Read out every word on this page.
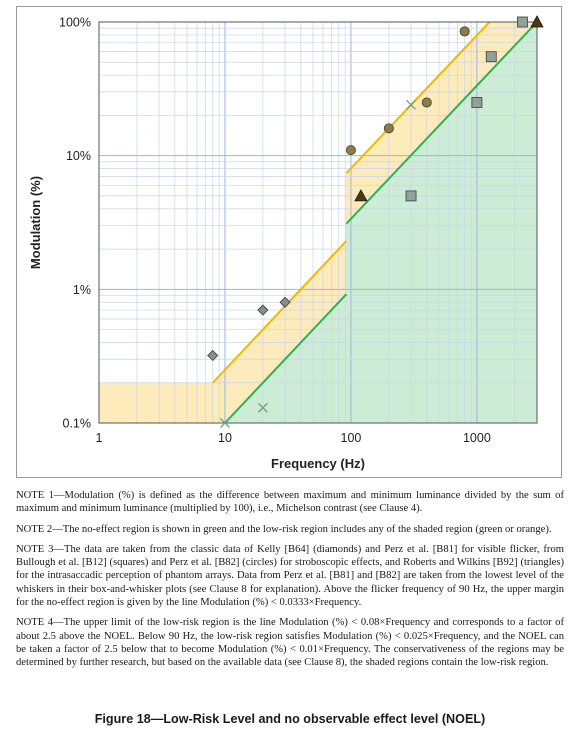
1	10	100	1000
0.1%
1%
10%
100%
Frequency (Hz)
Modulation (%)

NOTE 1—Modulation (%) is defined as the difference between maximum and minimum luminance divided by the sum of maximum and minimum luminance (multiplied by 100), i.e., Michelson contrast (see Clause 4).

NOTE 2—The no-effect region is shown in green and the low-risk region includes any of the shaded region (green or orange).

NOTE 3—The data are taken from the classic data of Kelly [B64] (diamonds) and Perz et al. [B81] for visible flicker, from Bullough et al. [B12] (squares) and Perz et al. [B82] (circles) for stroboscopic effects, and Roberts and Wilkins [B92] (triangles) for the intrasaccadic perception of phantom arrays. Data from Perz et al. [B81] and [B82] are taken from the lowest level of the whiskers in their box-and-whisker plots (see Clause 8 for explanation). Above the flicker frequency of 90 Hz, the upper margin for the no-effect region is given by the line Modulation (%) < 0.0333×Frequency.

NOTE 4—The upper limit of the low-risk region is the line Modulation (%) < 0.08×Frequency and corresponds to a factor of about 2.5 above the NOEL. Below 90 Hz, the low-risk region satisfies Modulation (%) < 0.025×Frequency, and the NOEL can be taken a factor of 2.5 below that to become Modulation (%) < 0.01×Frequency. The conservativeness of the regions may be determined by further research, but based on the available data (see Clause 8), the shaded regions contain the low-risk region.

Figure 18—Low-Risk Level and no observable effect level (NOEL)
